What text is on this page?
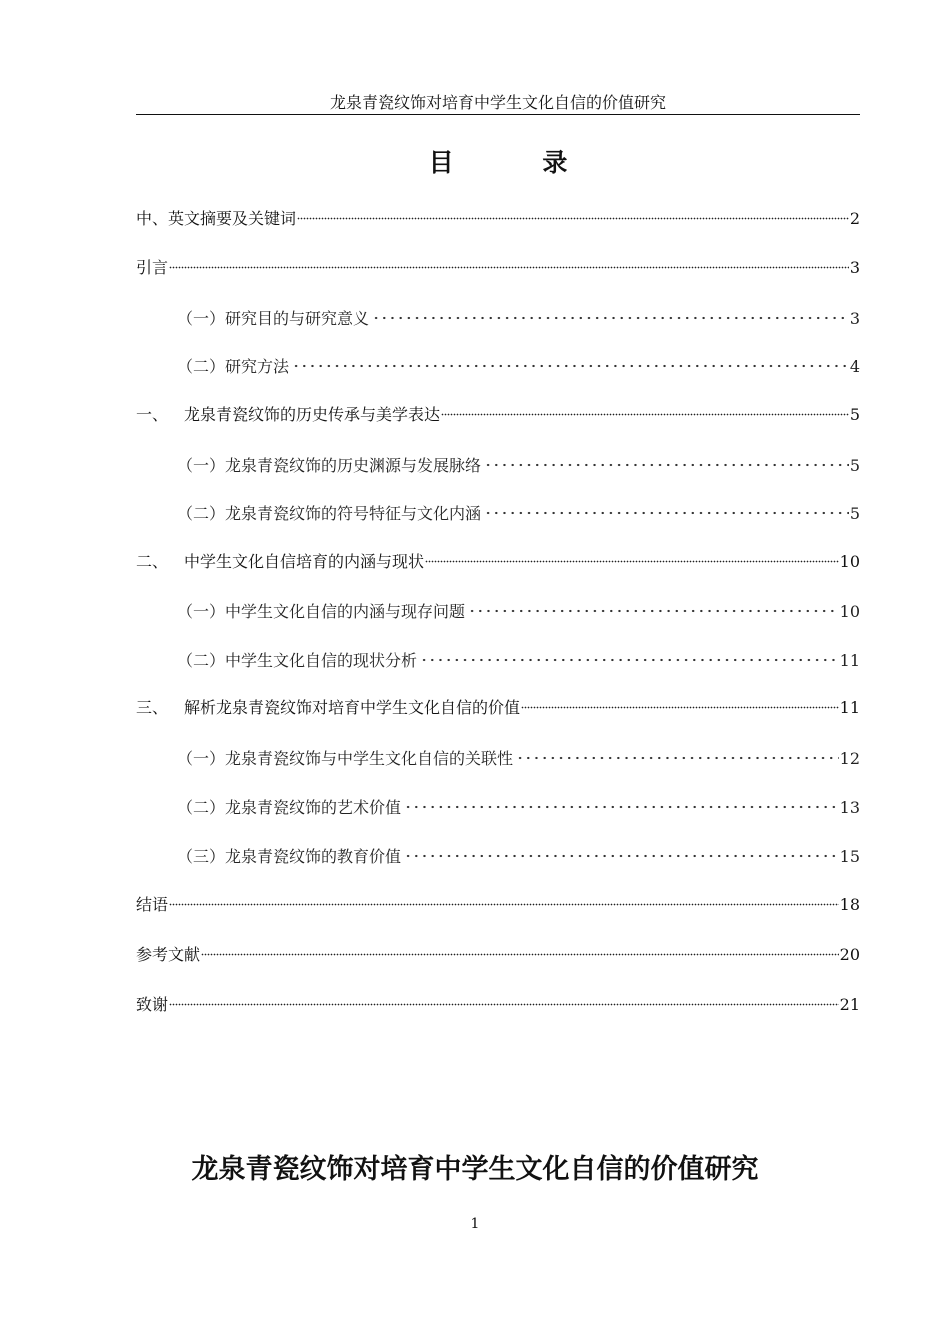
龙泉青瓷纹饰对培育中学生文化自信的价值研究
目 录
中、英文摘要及关键词	2
引言	3
（一）研究目的与研究意义	3
（二）研究方法	4
一、 龙泉青瓷纹饰的历史传承与美学表达	5
（一）龙泉青瓷纹饰的历史渊源与发展脉络	5
（二）龙泉青瓷纹饰的符号特征与文化内涵	5
二、 中学生文化自信培育的内涵与现状	10
（一）中学生文化自信的内涵与现存问题	10
（二）中学生文化自信的现状分析	11
三、 解析龙泉青瓷纹饰对培育中学生文化自信的价值	11
（一）龙泉青瓷纹饰与中学生文化自信的关联性	12
（二）龙泉青瓷纹饰的艺术价值	13
（三）龙泉青瓷纹饰的教育价值	15
结语	18
参考文献	20
致谢	21
龙泉青瓷纹饰对培育中学生文化自信的价值研究
1
